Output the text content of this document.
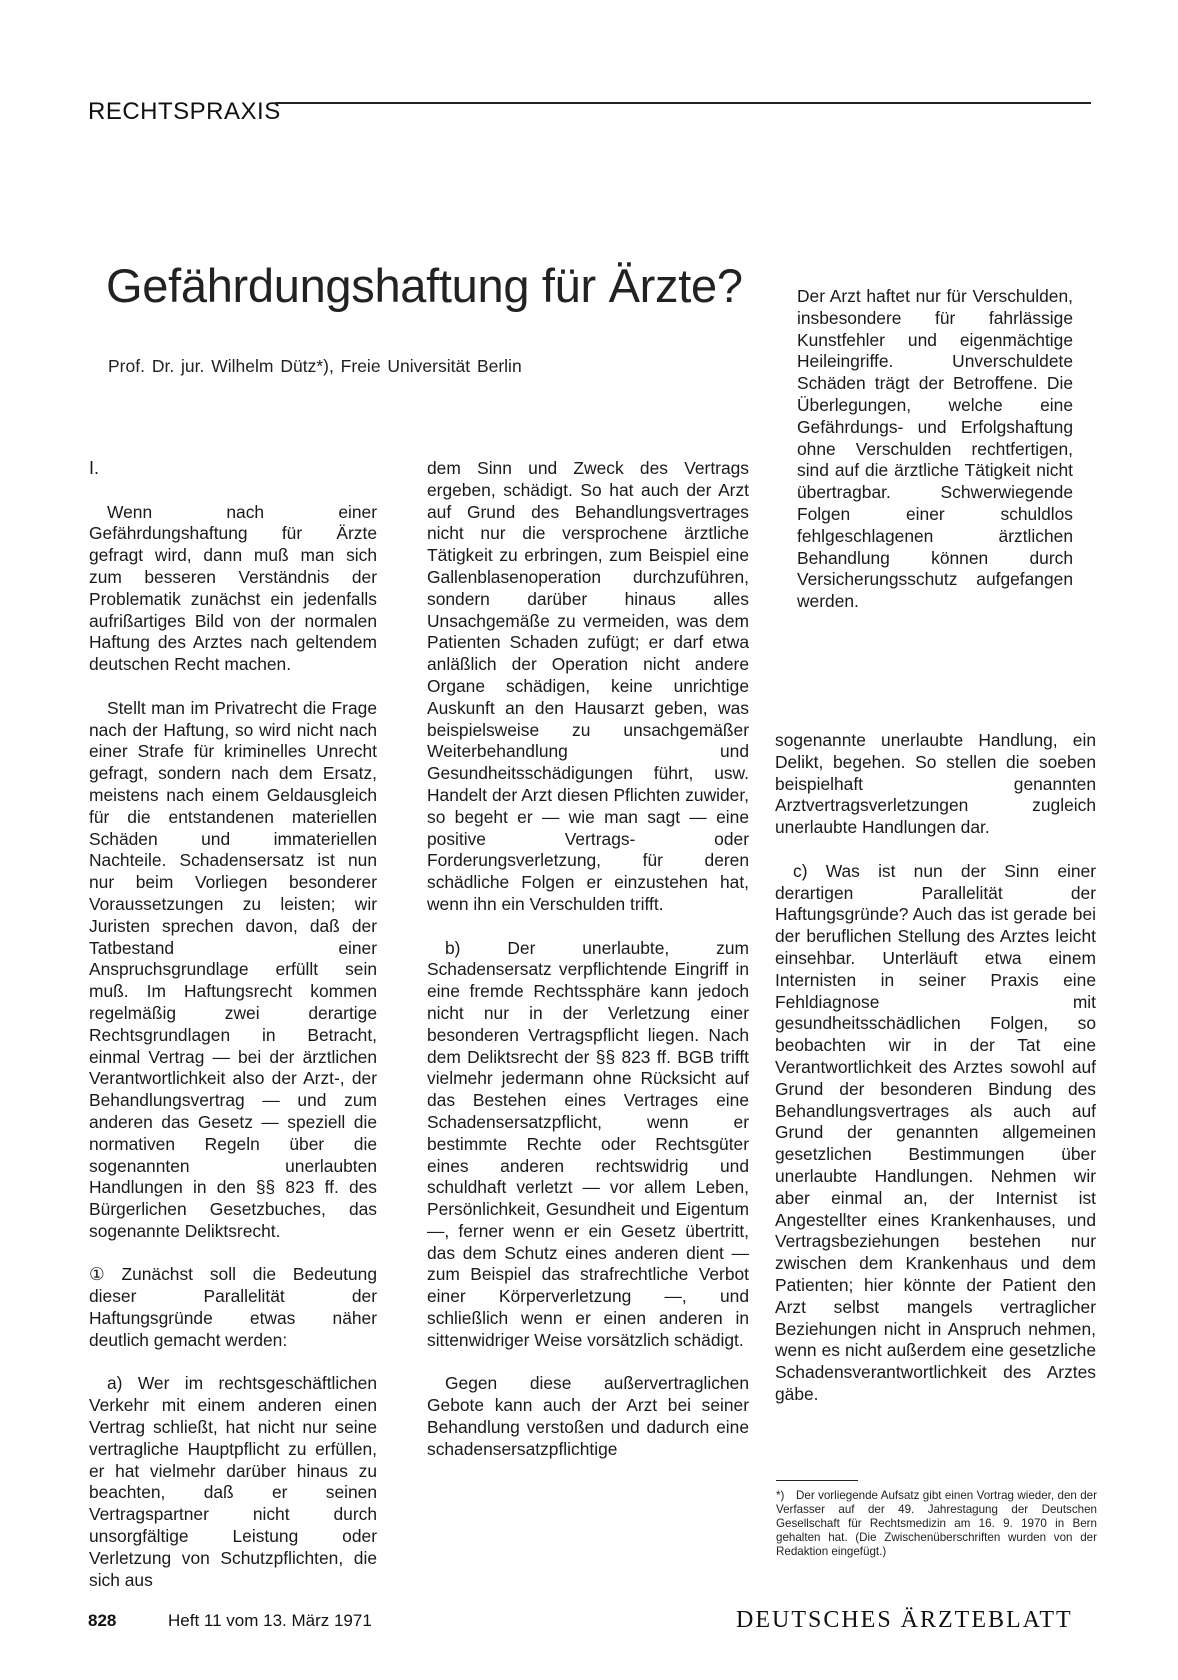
RECHTSPRAXIS
Gefährdungshaftung für Ärzte?
Prof. Dr. jur. Wilhelm Dütz*), Freie Universität Berlin

Der Arzt haftet nur für Verschulden, insbesondere für fahrlässige Kunstfehler und eigenmächtige Heileingriffe. Unverschuldete Schäden trägt der Betroffene. Die Überlegungen, welche eine Gefährdungs- und Erfolgshaftung ohne Verschulden rechtfertigen, sind auf die ärztliche Tätigkeit nicht übertragbar. Schwerwiegende Folgen einer schuldlos fehlgeschlagenen ärztlichen Behandlung können durch Versicherungsschutz aufgefangen werden.

I.

Wenn nach einer Gefährdungshaftung für Ärzte gefragt wird, dann muß man sich zum besseren Verständnis der Problematik zunächst ein jedenfalls aufrißartiges Bild von der normalen Haftung des Arztes nach geltendem deutschen Recht machen.

Stellt man im Privatrecht die Frage nach der Haftung, so wird nicht nach einer Strafe für kriminelles Unrecht gefragt, sondern nach dem Ersatz, meistens nach einem Geldausgleich für die entstandenen materiellen Schäden und immateriellen Nachteile. Schadensersatz ist nun nur beim Vorliegen besonderer Voraussetzungen zu leisten; wir Juristen sprechen davon, daß der Tatbestand einer Anspruchsgrundlage erfüllt sein muß. Im Haftungsrecht kommen regelmäßig zwei derartige Rechtsgrundlagen in Betracht, einmal Vertrag — bei der ärztlichen Verantwortlichkeit also der Arzt-, der Behandlungsvertrag — und zum anderen das Gesetz — speziell die normativen Regeln über die sogenannten unerlaubten Handlungen in den §§ 823 ff. des Bürgerlichen Gesetzbuches, das sogenannte Deliktsrecht.

① Zunächst soll die Bedeutung dieser Parallelität der Haftungsgründe etwas näher deutlich gemacht werden:

a) Wer im rechtsgeschäftlichen Verkehr mit einem anderen einen Vertrag schließt, hat nicht nur seine vertragliche Hauptpflicht zu erfüllen, er hat vielmehr darüber hinaus zu beachten, daß er seinen Vertragspartner nicht durch unsorgfältige Leistung oder Verletzung von Schutzpflichten, die sich aus

dem Sinn und Zweck des Vertrags ergeben, schädigt. So hat auch der Arzt auf Grund des Behandlungsvertrages nicht nur die versprochene ärztliche Tätigkeit zu erbringen, zum Beispiel eine Gallenblasenoperation durchzuführen, sondern darüber hinaus alles Unsachgemäße zu vermeiden, was dem Patienten Schaden zufügt; er darf etwa anläßlich der Operation nicht andere Organe schädigen, keine unrichtige Auskunft an den Hausarzt geben, was beispielsweise zu unsachgemäßer Weiterbehandlung und Gesundheitsschädigungen führt, usw. Handelt der Arzt diesen Pflichten zuwider, so begeht er — wie man sagt — eine positive Vertrags- oder Forderungsverletzung, für deren schädliche Folgen er einzustehen hat, wenn ihn ein Verschulden trifft.

b) Der unerlaubte, zum Schadensersatz verpflichtende Eingriff in eine fremde Rechtssphäre kann jedoch nicht nur in der Verletzung einer besonderen Vertragspflicht liegen. Nach dem Deliktsrecht der §§ 823 ff. BGB trifft vielmehr jedermann ohne Rücksicht auf das Bestehen eines Vertrages eine Schadensersatzpflicht, wenn er bestimmte Rechte oder Rechtsgüter eines anderen rechtswidrig und schuldhaft verletzt — vor allem Leben, Persönlichkeit, Gesundheit und Eigentum —, ferner wenn er ein Gesetz übertritt, das dem Schutz eines anderen dient — zum Beispiel das strafrechtliche Verbot einer Körperverletzung —, und schließlich wenn er einen anderen in sittenwidriger Weise vorsätzlich schädigt.

Gegen diese außervertraglichen Gebote kann auch der Arzt bei seiner Behandlung verstoßen und dadurch eine schadensersatzpflichtige

sogenannte unerlaubte Handlung, ein Delikt, begehen. So stellen die soeben beispielhaft genannten Arztvertragsverletzungen zugleich unerlaubte Handlungen dar.

c) Was ist nun der Sinn einer derartigen Parallelität der Haftungsgründe? Auch das ist gerade bei der beruflichen Stellung des Arztes leicht einsehbar. Unterläuft etwa einem Internisten in seiner Praxis eine Fehldiagnose mit gesundheitsschädlichen Folgen, so beobachten wir in der Tat eine Verantwortlichkeit des Arztes sowohl auf Grund der besonderen Bindung des Behandlungsvertrages als auch auf Grund der genannten allgemeinen gesetzlichen Bestimmungen über unerlaubte Handlungen. Nehmen wir aber einmal an, der Internist ist Angestellter eines Krankenhauses, und Vertragsbeziehungen bestehen nur zwischen dem Krankenhaus und dem Patienten; hier könnte der Patient den Arzt selbst mangels vertraglicher Beziehungen nicht in Anspruch nehmen, wenn es nicht außerdem eine gesetzliche Schadensverantwortlichkeit des Arztes gäbe.

*) Der vorliegende Aufsatz gibt einen Vortrag wieder, den der Verfasser auf der 49. Jahrestagung der Deutschen Gesellschaft für Rechtsmedizin am 16. 9. 1970 in Bern gehalten hat. (Die Zwischenüberschriften wurden von der Redaktion eingefügt.)
828	Heft 11 vom 13. März 1971	DEUTSCHES ÄRZTEBLATT
